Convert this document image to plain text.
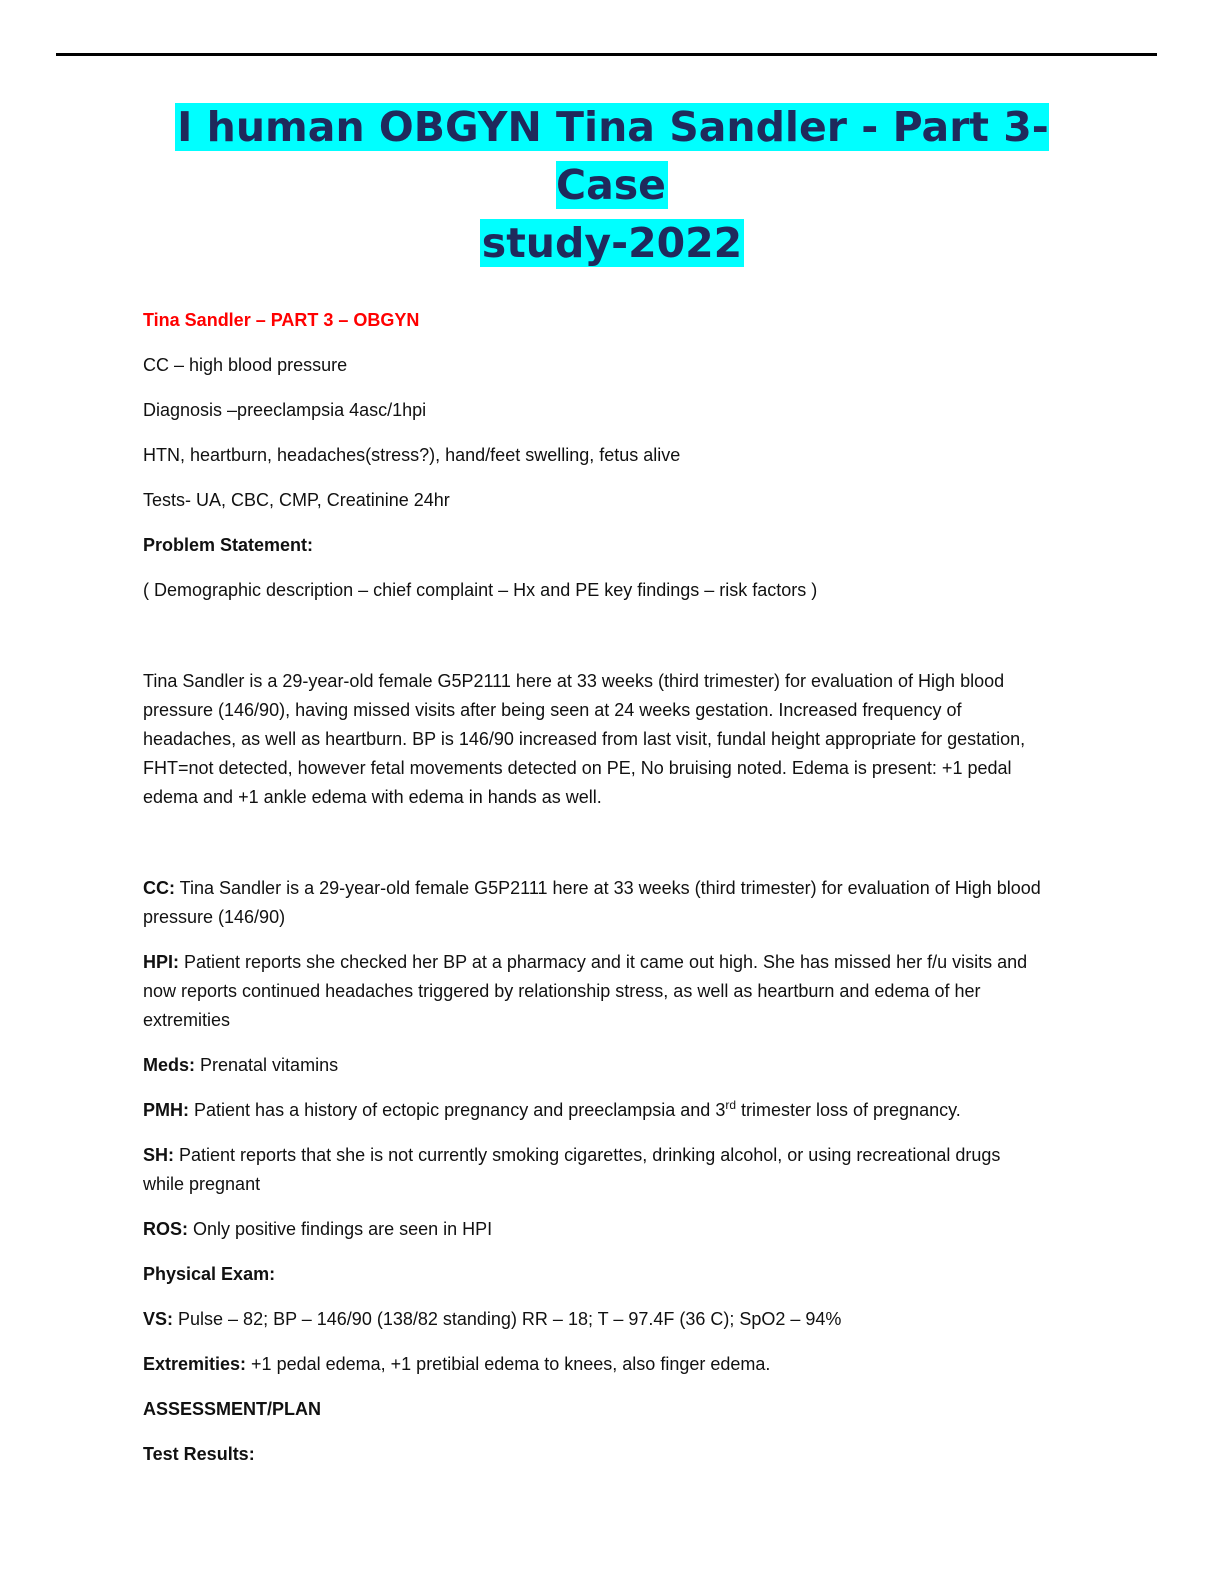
I human OBGYN Tina Sandler - Part 3-Case
study-2022

Tina Sandler – PART 3 – OBGYN

CC – high blood pressure

Diagnosis –preeclampsia 4asc/1hpi

HTN, heartburn, headaches(stress?), hand/feet swelling, fetus alive

Tests- UA, CBC, CMP, Creatinine 24hr

Problem Statement:

( Demographic description – chief complaint – Hx and PE key findings – risk factors )

Tina Sandler is a 29-year-old female G5P2111 here at 33 weeks (third trimester) for evaluation of High blood pressure (146/90), having missed visits after being seen at 24 weeks gestation. Increased frequency of headaches, as well as heartburn. BP is 146/90 increased from last visit, fundal height appropriate for gestation, FHT=not detected, however fetal movements detected on PE, No bruising noted. Edema is present: +1 pedal edema and +1 ankle edema with edema in hands as well.

CC: Tina Sandler is a 29-year-old female G5P2111 here at 33 weeks (third trimester) for evaluation of High blood pressure (146/90)

HPI: Patient reports she checked her BP at a pharmacy and it came out high. She has missed her f/u visits and now reports continued headaches triggered by relationship stress, as well as heartburn and edema of her extremities

Meds: Prenatal vitamins

PMH: Patient has a history of ectopic pregnancy and preeclampsia and 3rd trimester loss of pregnancy.

SH: Patient reports that she is not currently smoking cigarettes, drinking alcohol, or using recreational drugs while pregnant

ROS: Only positive findings are seen in HPI

Physical Exam:

VS: Pulse – 82; BP – 146/90 (138/82 standing) RR – 18; T – 97.4F (36 C); SpO2 – 94%

Extremities: +1 pedal edema, +1 pretibial edema to knees, also finger edema.

ASSESSMENT/PLAN

Test Results:
